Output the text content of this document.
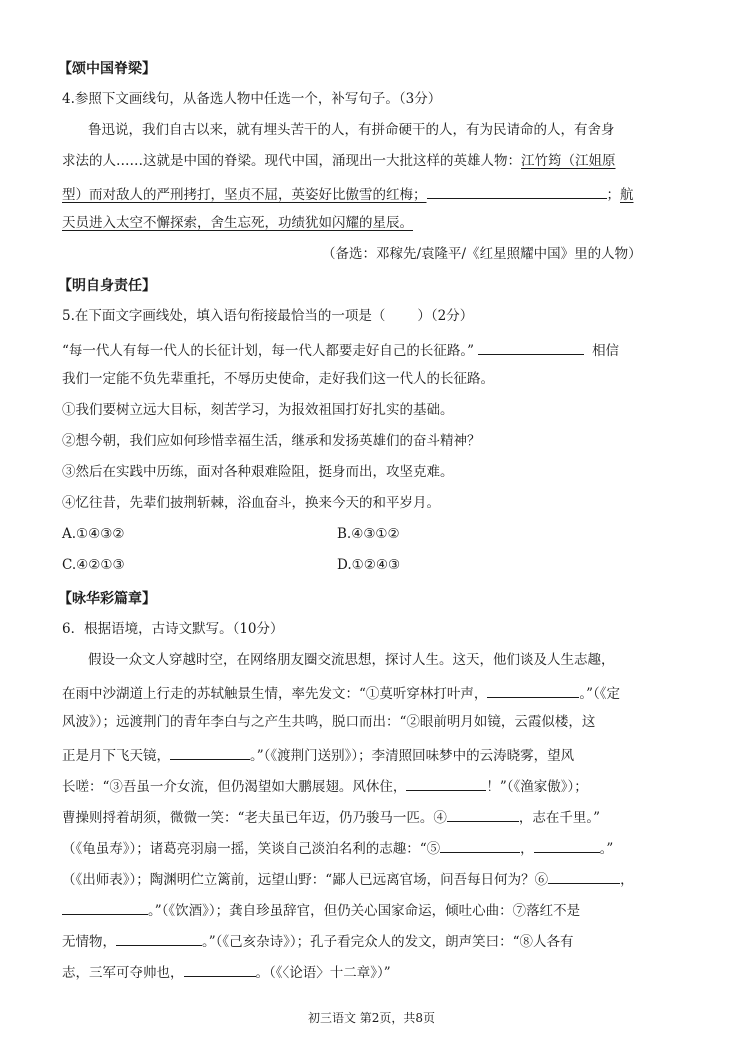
【颂中国脊梁】
4.参照下文画线句，从备选人物中任选一个，补写句子。（3分）
鲁迅说，我们自古以来，就有埋头苦干的人，有拼命硬干的人，有为民请命的人，有舍身
求法的人……这就是中国的脊梁。现代中国，涌现出一大批这样的英雄人物：江竹筠（江姐原
型）而对敌人的严刑拷打，坚贞不屈，英姿好比傲雪的红梅；	；航
天员进入太空不懈探索，舍生忘死，功绩犹如闪耀的星辰。
（备选：邓稼先/袁隆平/《红星照耀中国》里的人物）
【明自身责任】
5.在下面文字画线处，填入语句衔接最恰当的一项是（ ）（2分）
“每一代人有每一代人的长征计划，每一代人都要走好自己的长征路。”	相信
我们一定能不负先辈重托，不辱历史使命，走好我们这一代人的长征路。
①我们要树立远大目标，刻苦学习，为报效祖国打好扎实的基础。
②想今朝，我们应如何珍惜幸福生活，继承和发扬英雄们的奋斗精神？
③然后在实践中历练，面对各种艰难险阻，挺身而出，攻坚克难。
④忆往昔，先辈们披荆斩棘，浴血奋斗，换来今天的和平岁月。
A.①④③②	B.④③①②
C.④②①③	D.①②④③
【咏华彩篇章】
6．根据语境，古诗文默写。（10分）
假设一众文人穿越时空，在网络朋友圈交流思想，探讨人生。这天，他们谈及人生志趣，
在雨中沙湖道上行走的苏轼触景生情，率先发文：“①莫听穿林打叶声，	。”（《定
风波》）；远渡荆门的青年李白与之产生共鸣，脱口而出：“②眼前明月如镜，云霞似楼，这
正是月下飞天镜，	。”（《渡荆门送别》）；李清照回味梦中的云涛晓雾，望风
长嗟：“③吾虽一介女流，但仍渴望如大鹏展翅。风休住，	！”（《渔家傲》）；
曹操则捋着胡须，微微一笑：“老夫虽已年迈，仍乃骏马一匹。④	，志在千里。”
（《龟虽寿》）；诸葛亮羽扇一摇，笑谈自己淡泊名利的志趣：“⑤	，	。”
（《出师表》）；陶渊明伫立篱前，远望山野：“鄙人已远离官场，问吾每日何为？⑥	，
。”（《饮酒》）；龚自珍虽辞官，但仍关心国家命运，倾吐心曲：⑦落红不是
无情物，	。”（《己亥杂诗》）；孔子看完众人的发文，朗声笑曰：“⑧人各有
志，三军可夺帅也，	。（《〈论语〉十二章》）”
初三语文 第2页，共8页
